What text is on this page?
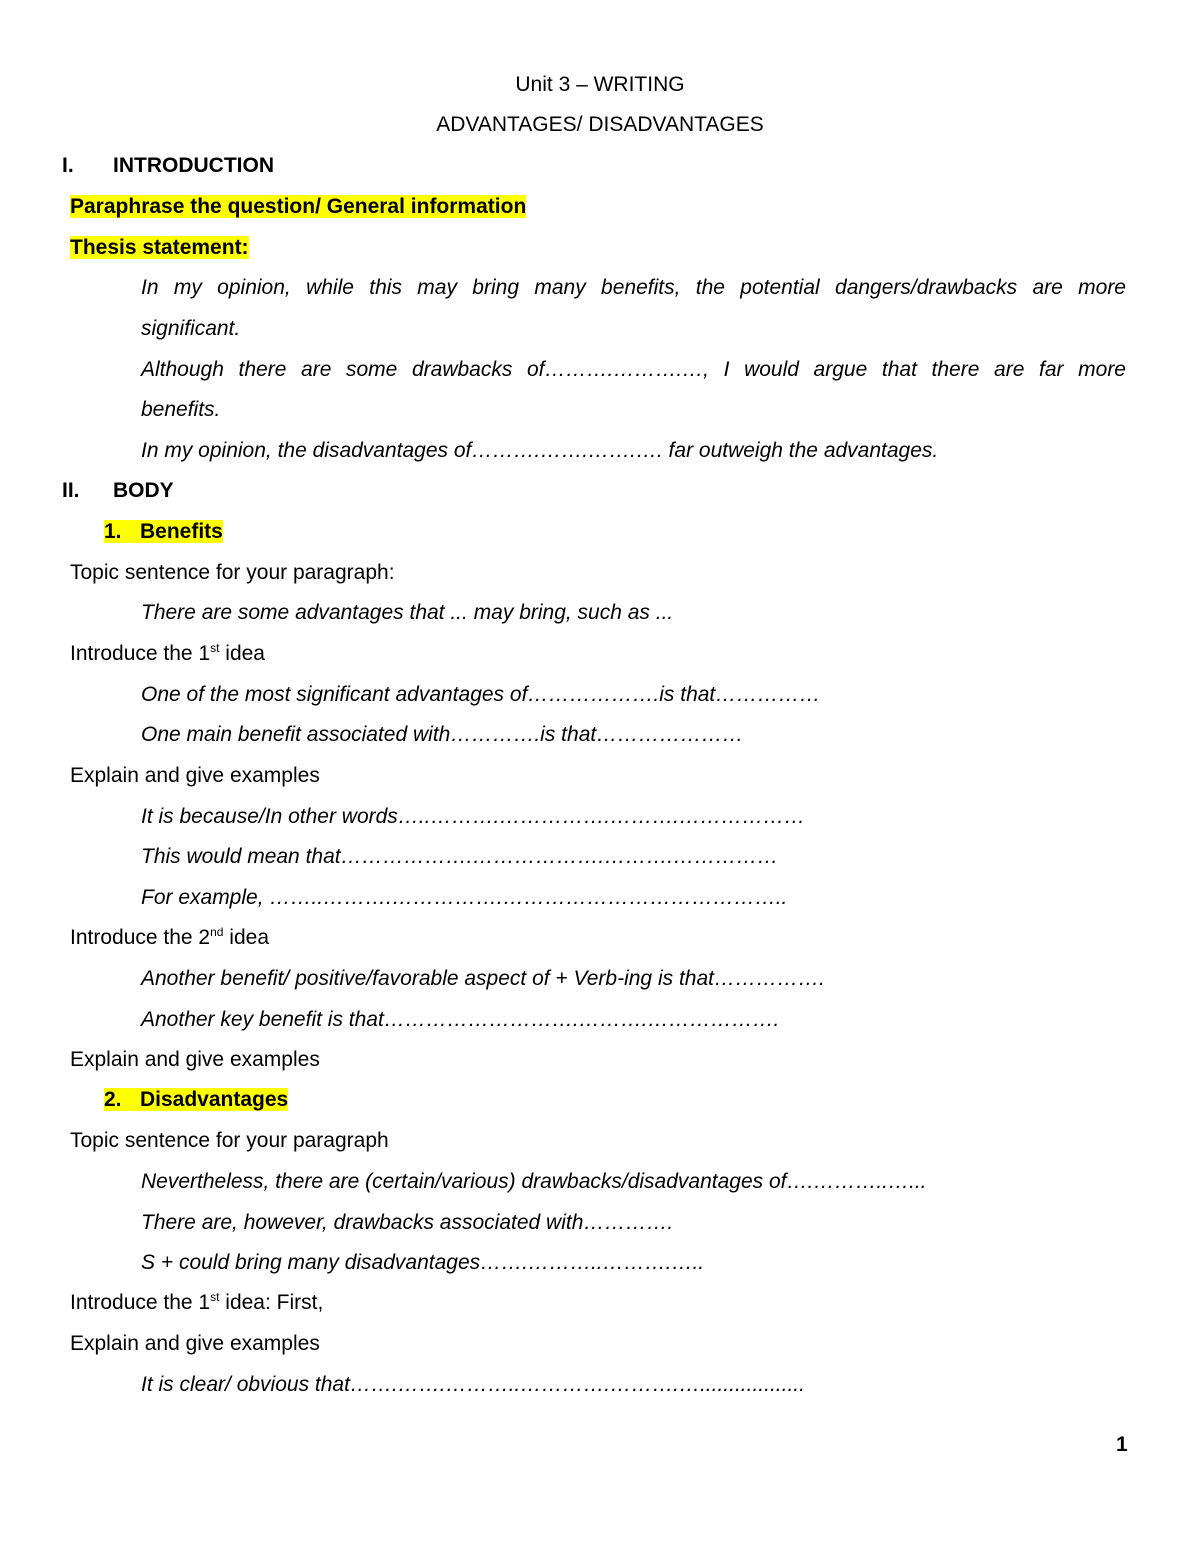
Unit 3 – WRITING
ADVANTAGES/ DISADVANTAGES
I. INTRODUCTION
Paraphrase the question/ General information
Thesis statement:
In my opinion, while this may bring many benefits, the potential dangers/drawbacks are more
significant.
Although there are some drawbacks of……….……….…, I would argue that there are far more
benefits.
In my opinion, the disadvantages of……….…….…….…. far outweigh the advantages.
II. BODY
1. Benefits
Topic sentence for your paragraph:
There are some advantages that ... may bring, such as ...
Introduce the 1st idea
One of the most significant advantages of……………….is that……………
One main benefit associated with………….is that…………………
Explain and give examples
It is because/In other words…..……….…………….……….………………
This would mean that……………….……………….……….……………
For example, ……..……….…………….…………………………………..
Introduce the 2nd idea
Another benefit/ positive/favorable aspect of + Verb-ing is that…………….
Another key benefit is that……………………….……….……………….
Explain and give examples
2. Disadvantages
Topic sentence for your paragraph
Nevertheless, there are (certain/various) drawbacks/disadvantages of….………..…...
There are, however, drawbacks associated with………….
S + could bring many disadvantages…….………..……….…..
Introduce the 1st idea: First,
Explain and give examples
It is clear/ obvious that…….…….………..………….……….…..................
1
